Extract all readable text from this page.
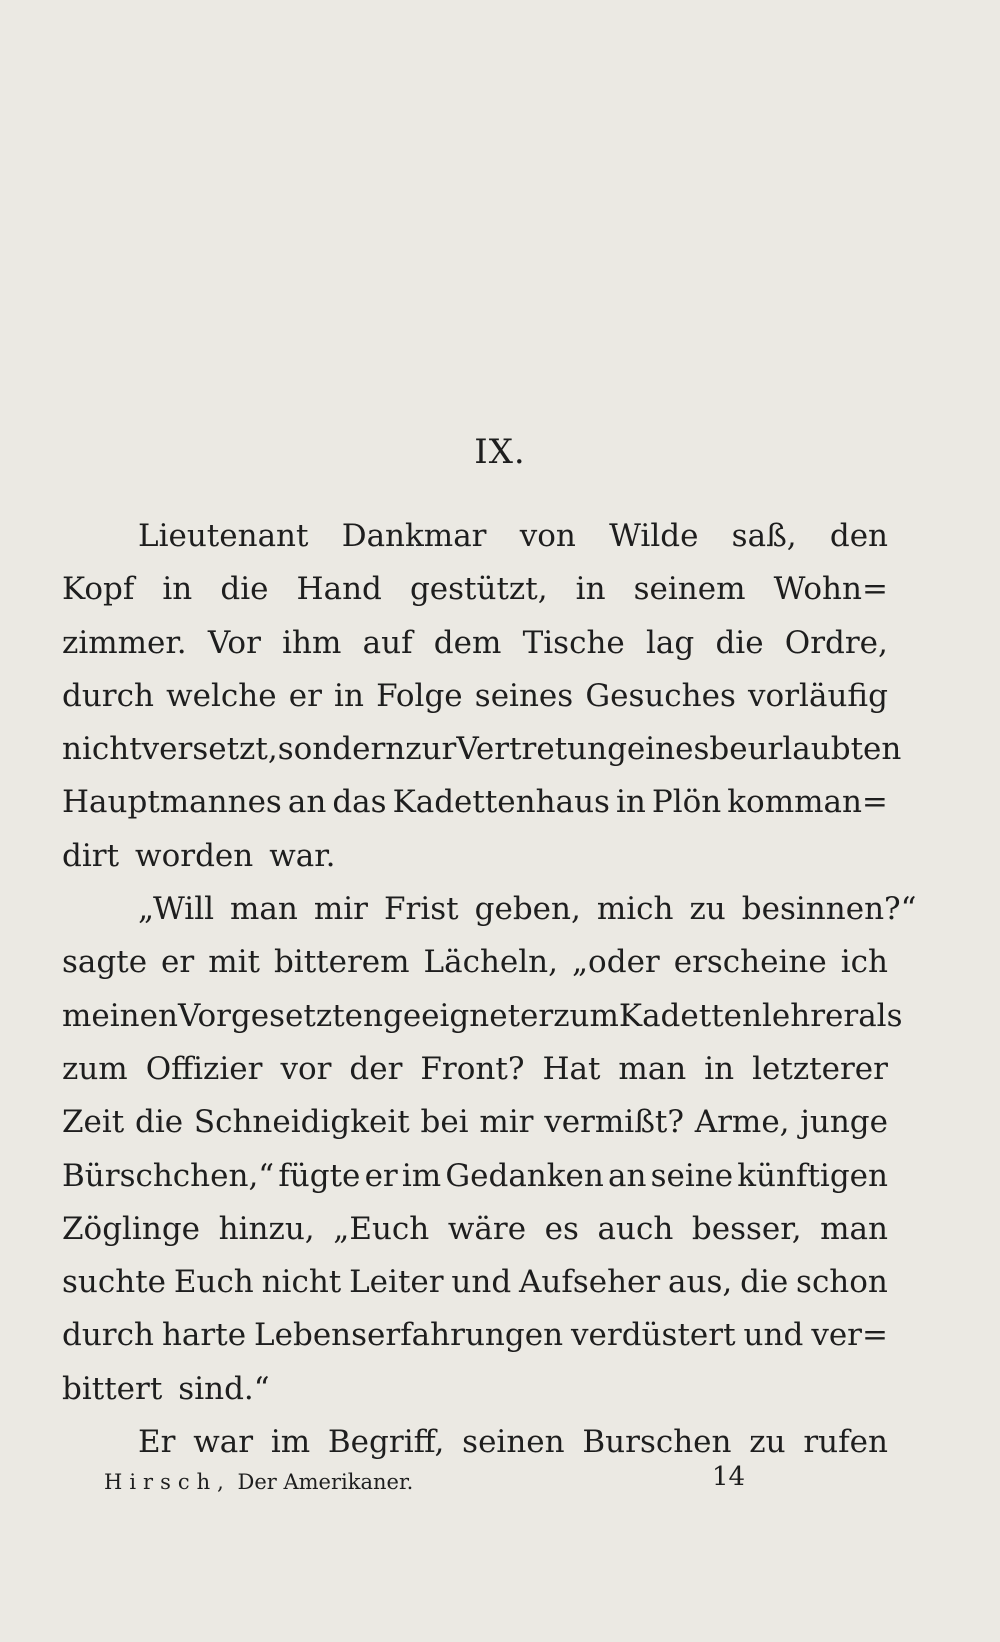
IX.
Lieutenant Dankmar von Wilde saß, den
Kopf in die Hand gestützt, in seinem Wohn=
zimmer. Vor ihm auf dem Tische lag die Ordre,
durch welche er in Folge seines Gesuches vorläufig
nicht versetzt, sondern zur Vertretung eines beurlaubten
Hauptmannes an das Kadettenhaus in Plön komman=
dirt worden war.
„Will man mir Frist geben, mich zu besinnen?“
sagte er mit bitterem Lächeln, „oder erscheine ich
meinen Vorgesetzten geeigneter zum Kadettenlehrer als
zum Offizier vor der Front? Hat man in letzterer
Zeit die Schneidigkeit bei mir vermißt? Arme, junge
Bürschchen,“ fügte er im Gedanken an seine künftigen
Zöglinge hinzu, „Euch wäre es auch besser, man
suchte Euch nicht Leiter und Aufseher aus, die schon
durch harte Lebenserfahrungen verdüstert und ver=
bittert sind.“
Er war im Begriff, seinen Burschen zu rufen
Hirsch, Der Amerikaner.	14
